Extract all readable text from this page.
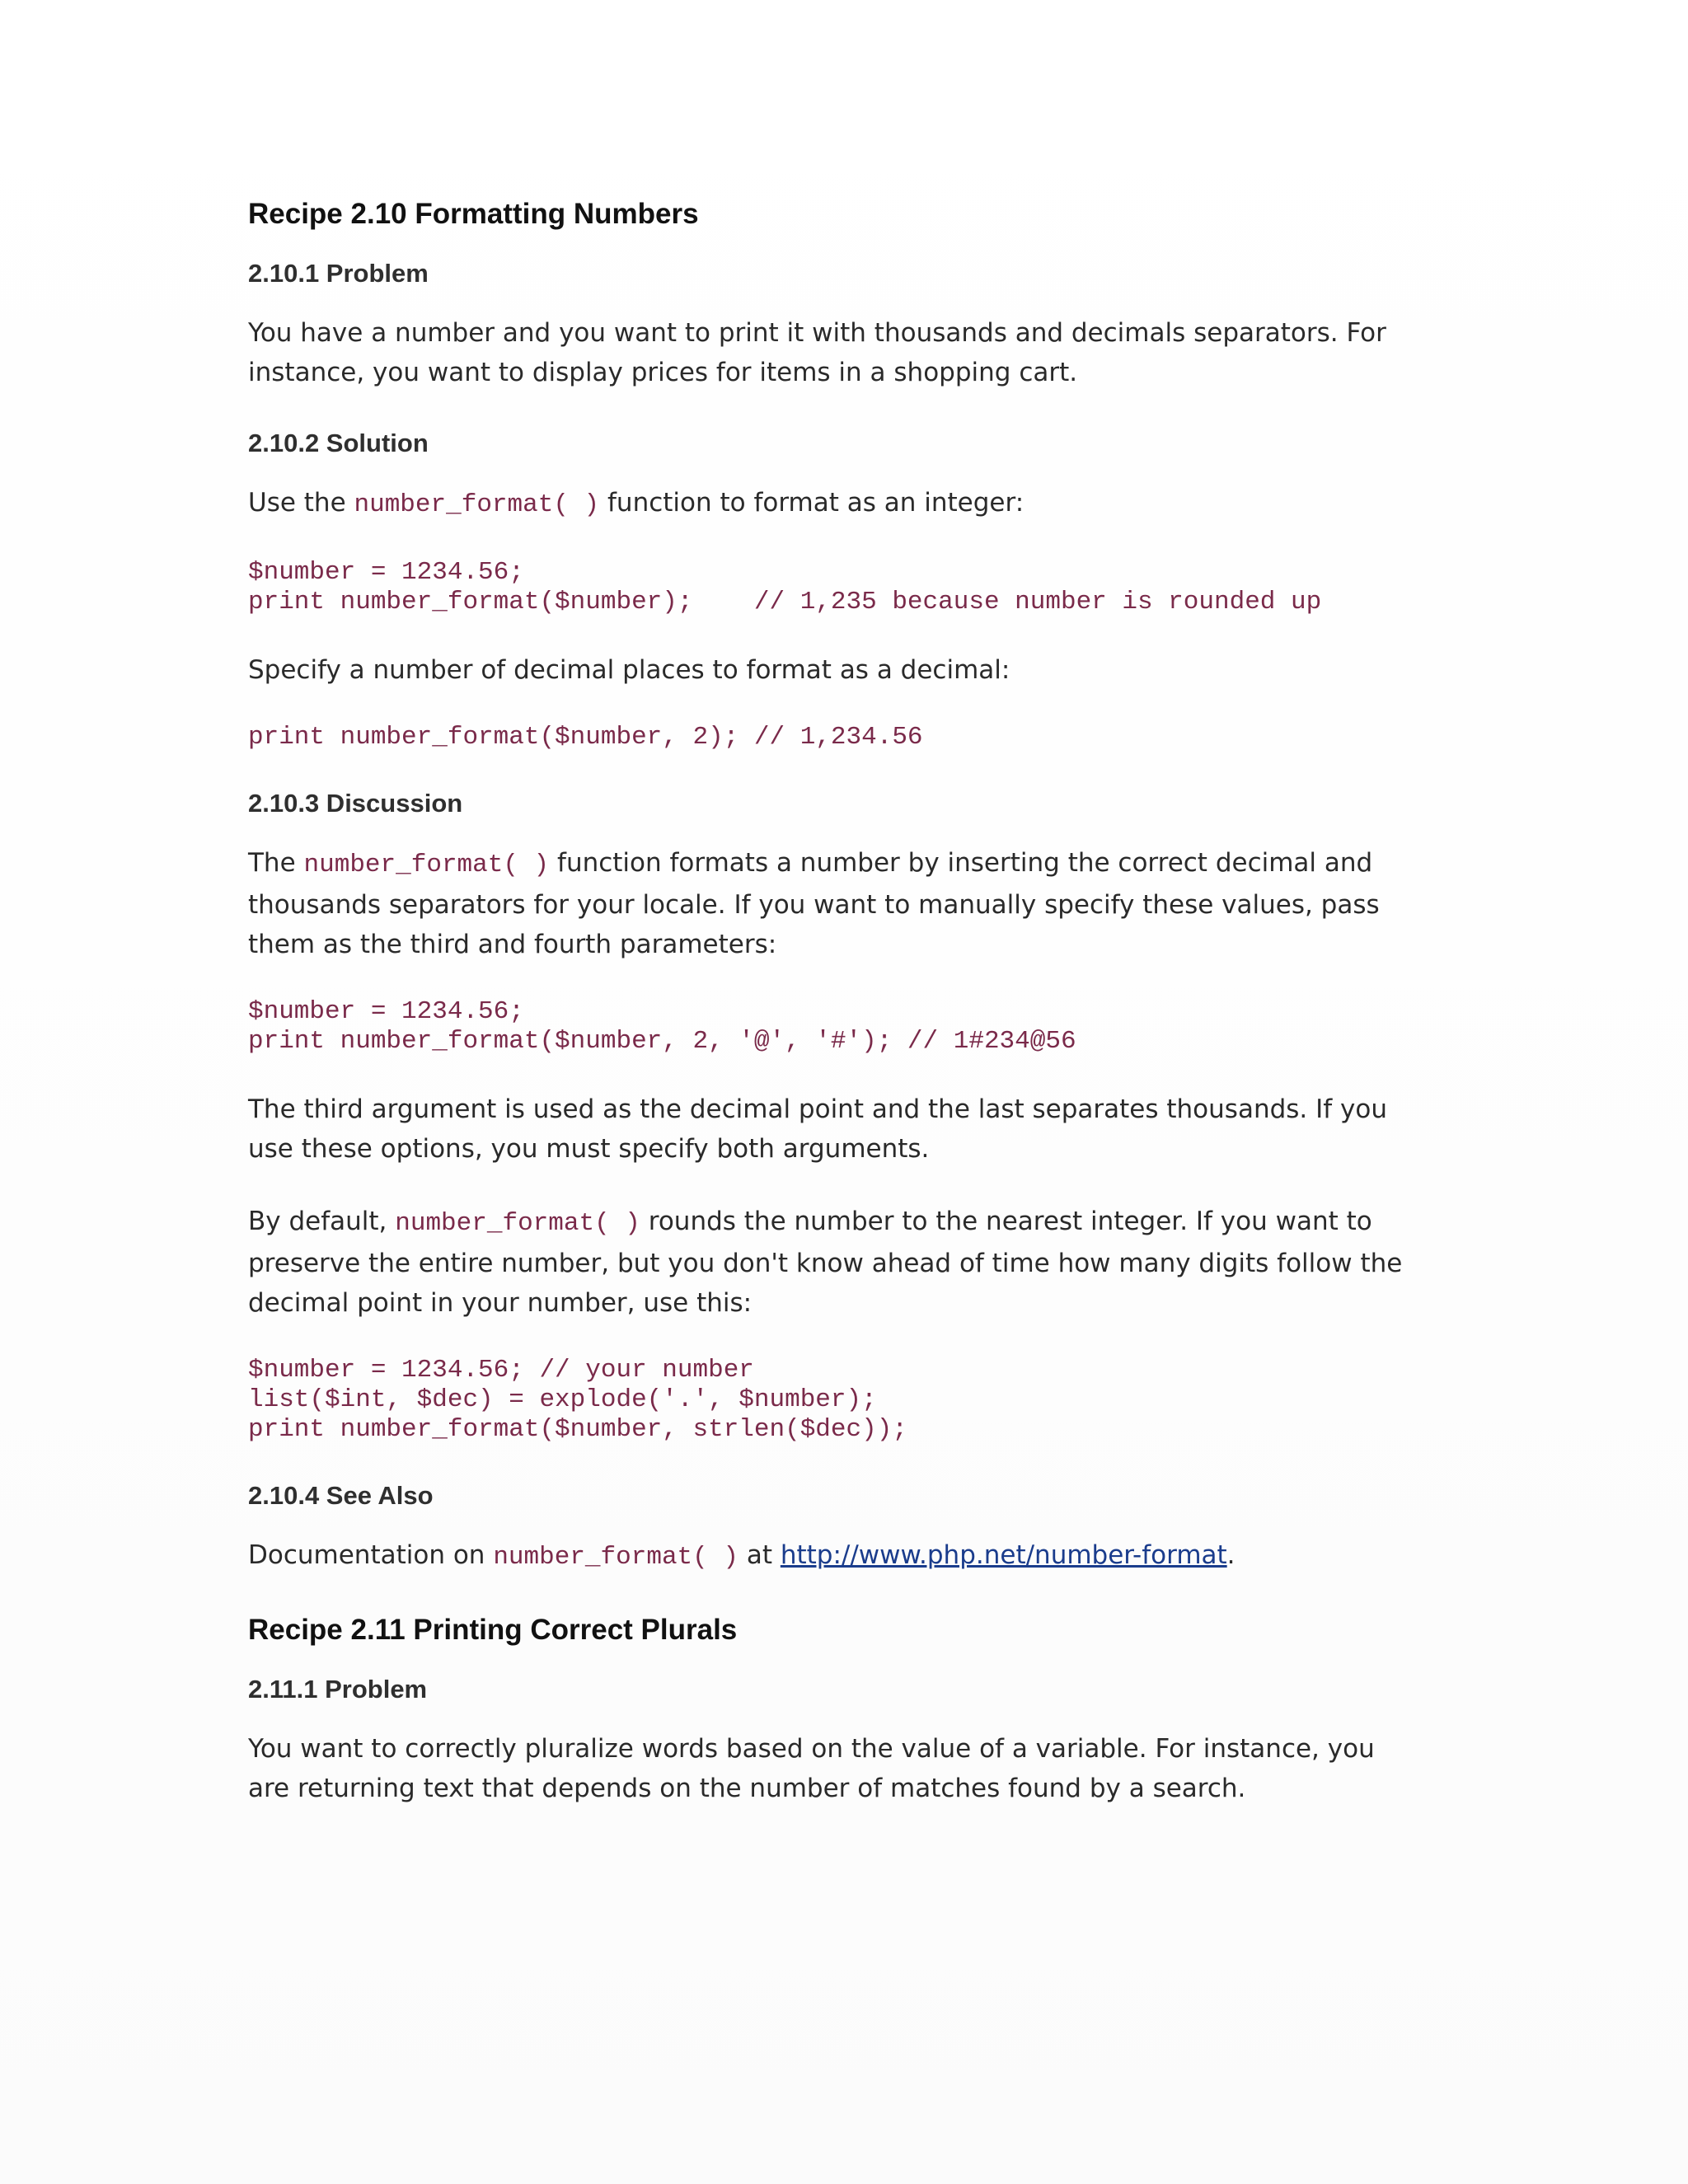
Recipe 2.10 Formatting Numbers
2.10.1 Problem

You have a number and you want to print it with thousands and decimals separators. For instance, you want to display prices for items in a shopping cart.

2.10.2 Solution

Use the number_format( ) function to format as an integer:

$number = 1234.56;
print number_format($number);    // 1,235 because number is rounded up

Specify a number of decimal places to format as a decimal:

print number_format($number, 2); // 1,234.56
2.10.3 Discussion

The number_format( ) function formats a number by inserting the correct decimal and thousands separators for your locale. If you want to manually specify these values, pass them as the third and fourth parameters:

$number = 1234.56;
print number_format($number, 2, '@', '#'); // 1#234@56

The third argument is used as the decimal point and the last separates thousands. If you use these options, you must specify both arguments.

By default, number_format( ) rounds the number to the nearest integer. If you want to preserve the entire number, but you don't know ahead of time how many digits follow the decimal point in your number, use this:

$number = 1234.56; // your number
list($int, $dec) = explode('.', $number);
print number_format($number, strlen($dec));
2.10.4 See Also

Documentation on number_format( ) at http://www.php.net/number-format.

Recipe 2.11 Printing Correct Plurals
2.11.1 Problem

You want to correctly pluralize words based on the value of a variable. For instance, you are returning text that depends on the number of matches found by a search.
